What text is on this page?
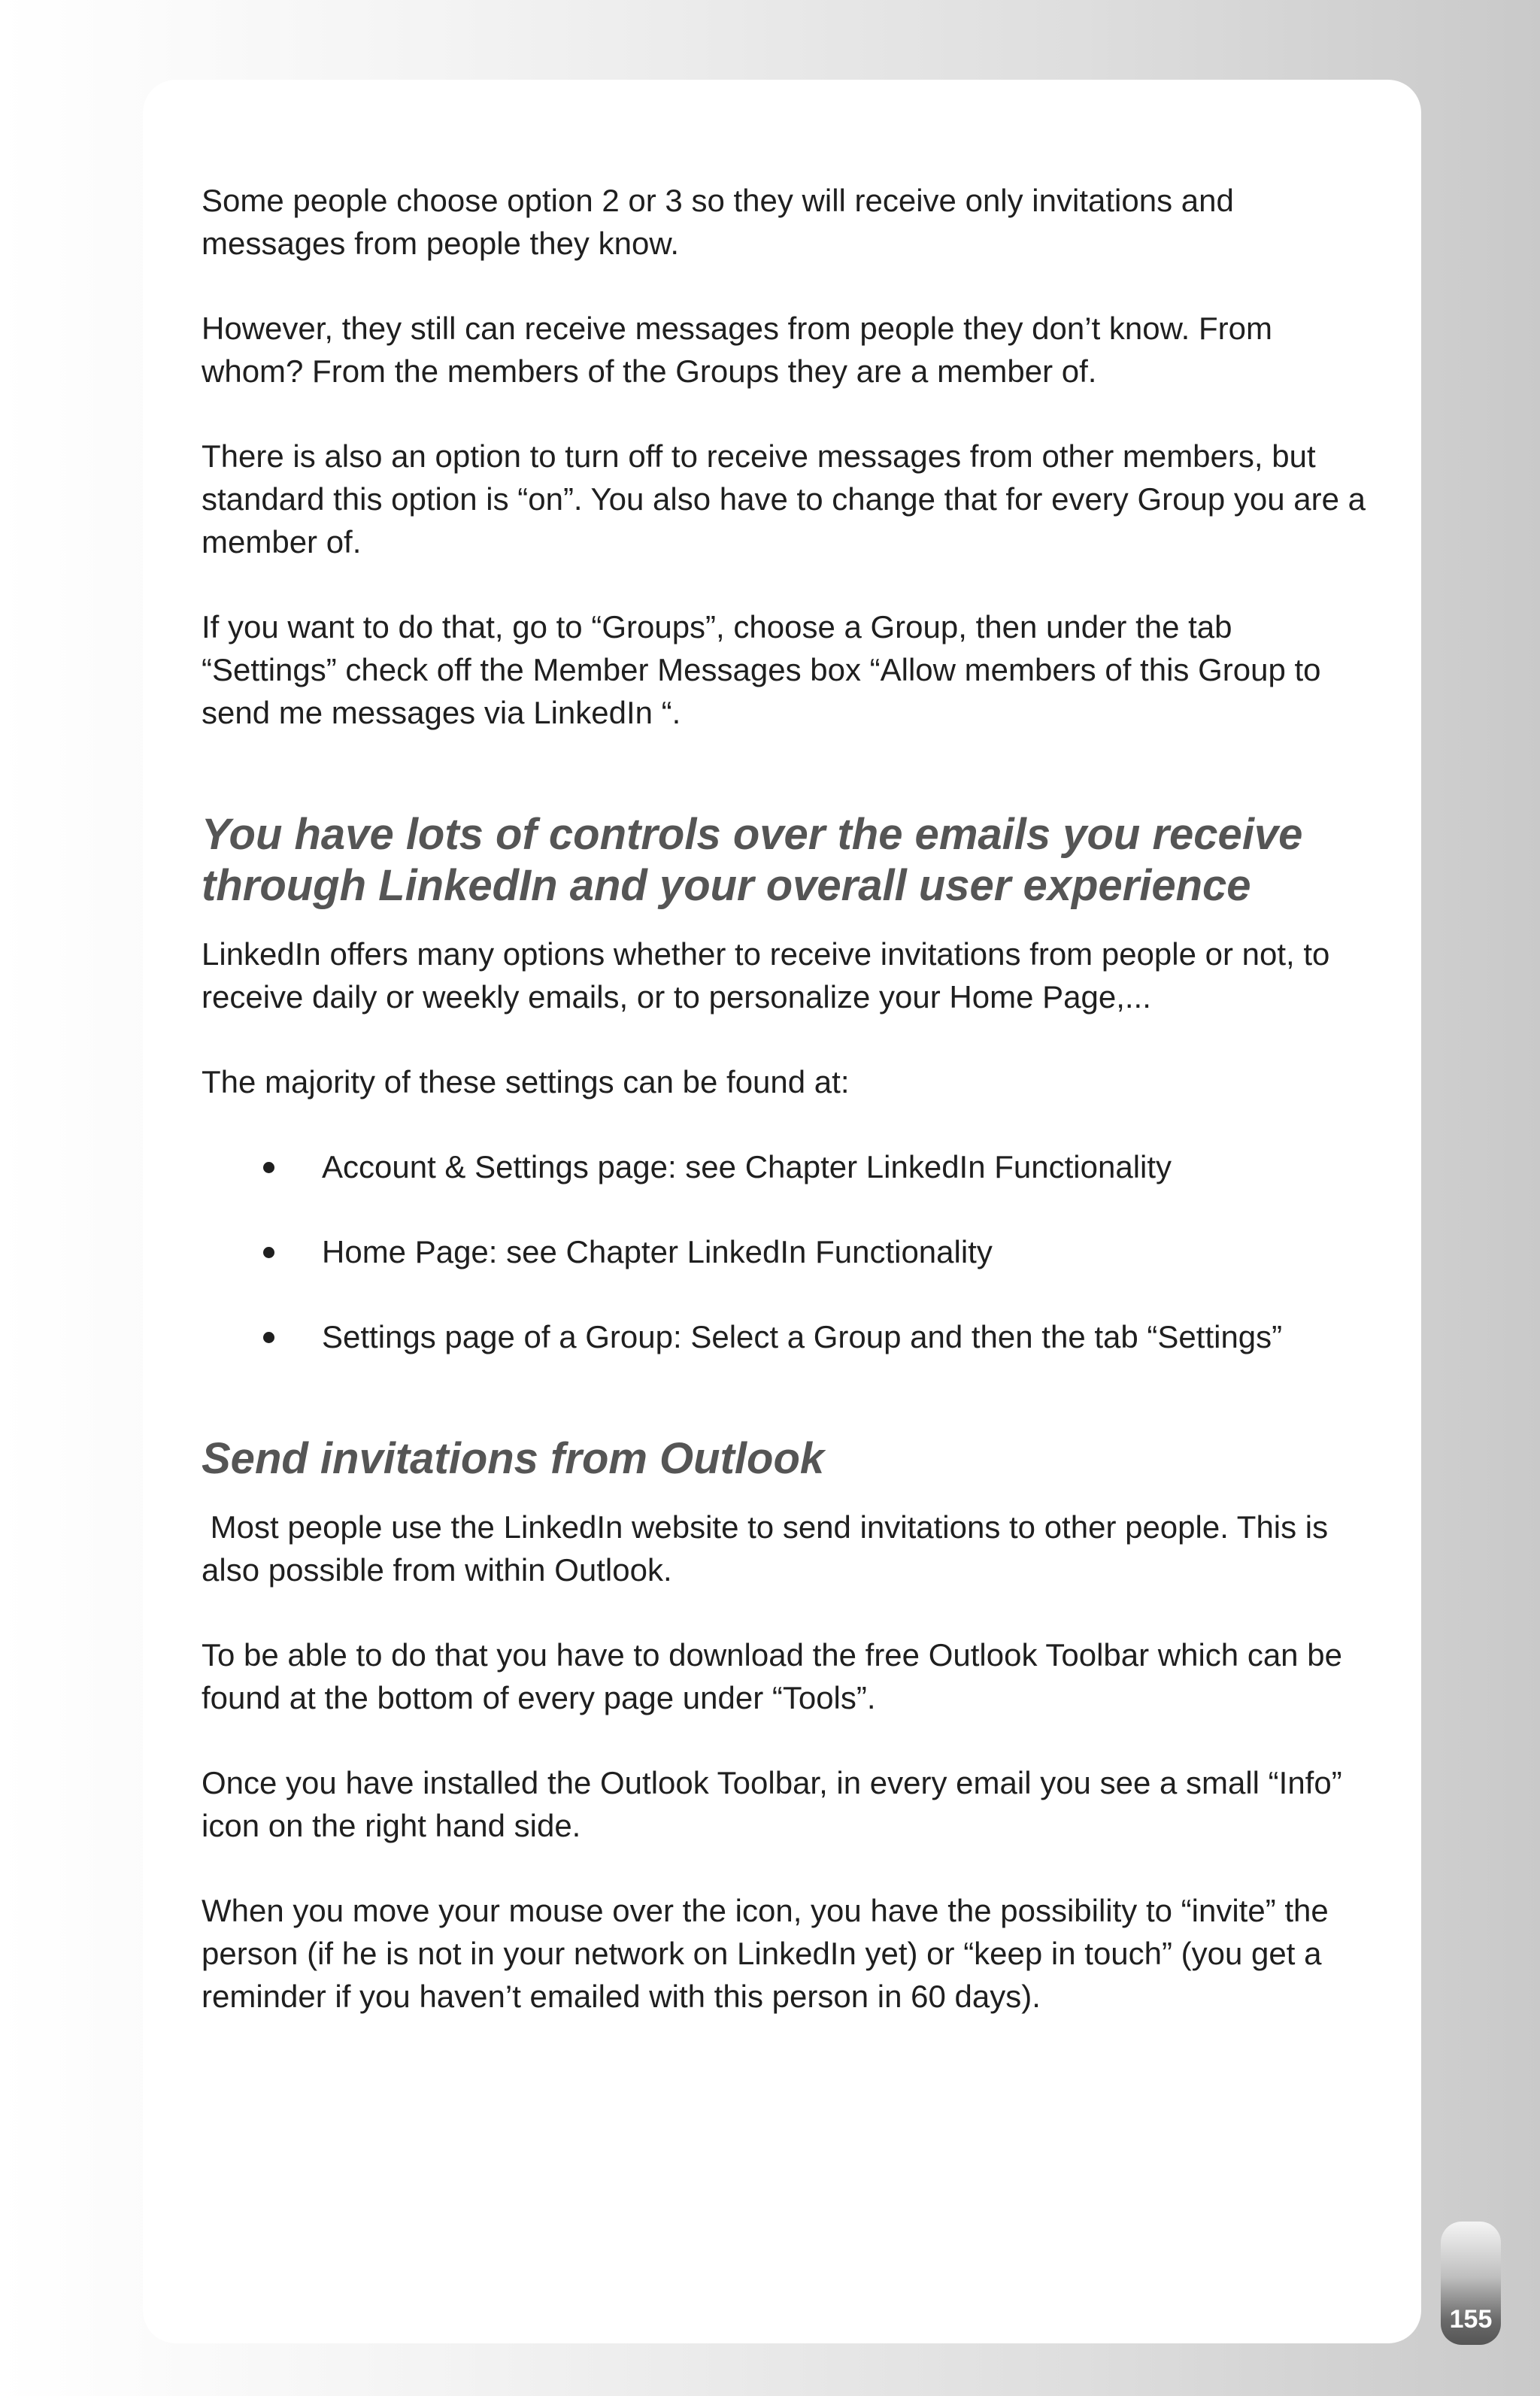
Some people choose option 2 or 3 so they will receive only invitations and messages from people they know.

However, they still can receive messages from people they don’t know. From whom? From the members of the Groups they are a member of.

There is also an option to turn off to receive messages from other members, but standard this option is “on”. You also have to change that for every Group you are a member of.

If you want to do that, go to “Groups”, choose a Group, then under the tab “Settings” check off the Member Messages box “Allow members of this Group to send me messages via LinkedIn “.

You have lots of controls over the emails you receive through LinkedIn and your overall user experience

LinkedIn offers many options whether to receive invitations from people or not, to receive daily or weekly emails, or to personalize your Home Page,...

The majority of these settings can be found at:

Account & Settings page: see Chapter LinkedIn Functionality
Home Page: see Chapter LinkedIn Functionality
Settings page of a Group: Select a Group and then the tab “Settings”
Send invitations from Outlook

Most people use the LinkedIn website to send invitations to other people. This is also possible from within Outlook.

To be able to do that you have to download the free Outlook Toolbar which can be found at the bottom of every page under “Tools”.

Once you have installed the Outlook Toolbar, in every email you see a small “Info” icon on the right hand side.

When you move your mouse over the icon, you have the possibility to “invite” the person (if he is not in your network on LinkedIn yet) or “keep in touch” (you get a reminder if you haven’t emailed with this person in 60 days).

155
